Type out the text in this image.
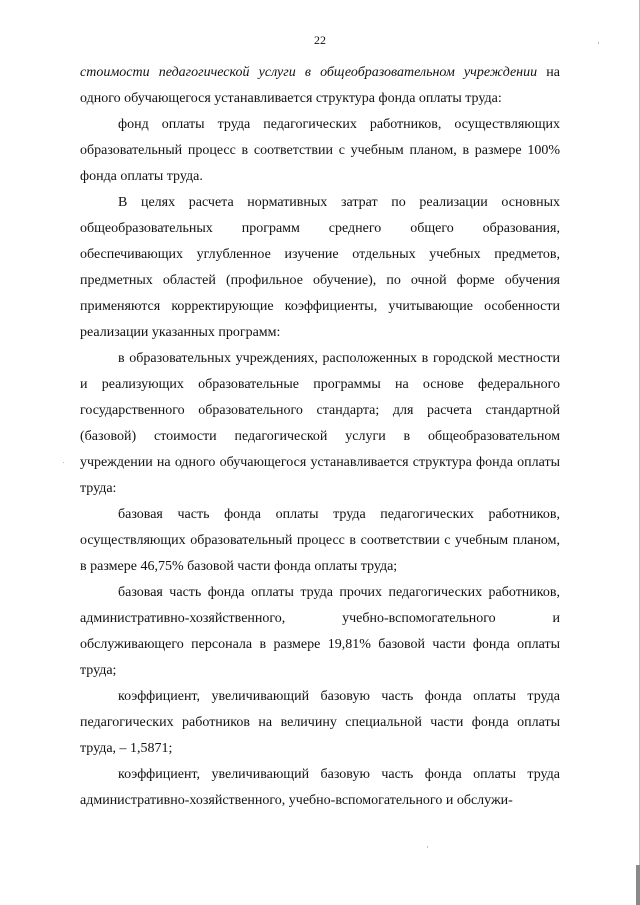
22

стоимости педагогической услуги в общеобразовательном учреждении на одного обучающегося устанавливается структура фонда оплаты труда:

фонд оплаты труда педагогических работников, осуществляющих образовательный процесс в соответствии с учебным планом, в размере 100% фонда оплаты труда.

В целях расчета нормативных затрат по реализации основных общеобразовательных программ среднего общего образования, обеспечивающих углубленное изучение отдельных учебных предметов, предметных областей (профильное обучение), по очной форме обучения применяются корректирующие коэффициенты, учитывающие особенности реализации указанных программ:

в образовательных учреждениях, расположенных в городской местности и реализующих образовательные программы на основе федерального государственного образовательного стандарта; для расчета стандартной (базовой) стоимости педагогической услуги в общеобразовательном учреждении на одного обучающегося устанавливается структура фонда оплаты труда:

базовая часть фонда оплаты труда педагогических работников, осуществляющих образовательный процесс в соответствии с учебным планом, в размере 46,75% базовой части фонда оплаты труда;

базовая часть фонда оплаты труда прочих педагогических работников, административно-хозяйственного, учебно-вспомогательного и обслуживающего персонала в размере 19,81% базовой части фонда оплаты труда;

коэффициент, увеличивающий базовую часть фонда оплаты труда педагогических работников на величину специальной части фонда оплаты труда, – 1,5871;

коэффициент, увеличивающий базовую часть фонда оплаты труда административно-хозяйственного, учебно-вспомогательного и обслужи-
